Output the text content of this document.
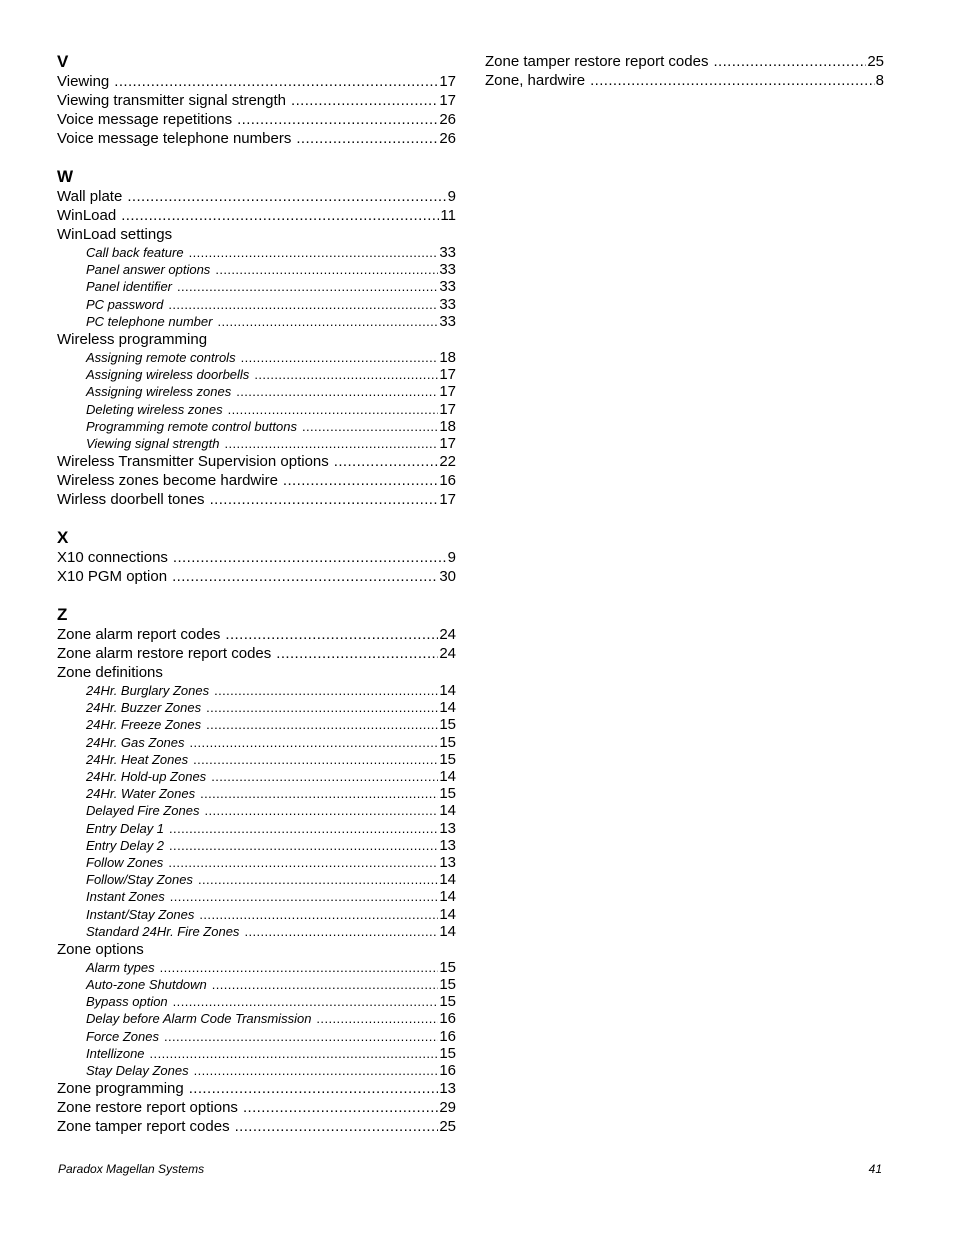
V
Viewing .....	17
Viewing transmitter signal strength .....	17
Voice message repetitions .....	26
Voice message telephone numbers .....	26
W
Wall plate .....	9
WinLoad .....	11
WinLoad settings
Call back feature .....	33
Panel answer options .....	33
Panel identifier .....	33
PC password .....	33
PC telephone number .....	33
Wireless programming
Assigning remote controls .....	18
Assigning wireless doorbells .....	17
Assigning wireless zones .....	17
Deleting wireless zones .....	17
Programming remote control buttons .....	18
Viewing signal strength .....	17
Wireless Transmitter Supervision options .....	22
Wireless zones become hardwire .....	16
Wirless doorbell tones .....	17
X
X10 connections .....	9
X10 PGM option .....	30
Z
Zone alarm report codes .....	24
Zone alarm restore report codes .....	24
Zone definitions
24Hr. Burglary Zones .....	14
24Hr. Buzzer Zones .....	14
24Hr. Freeze Zones .....	15
24Hr. Gas Zones .....	15
24Hr. Heat Zones .....	15
24Hr. Hold-up Zones .....	14
24Hr. Water Zones .....	15
Delayed Fire Zones .....	14
Entry Delay 1 .....	13
Entry Delay 2 .....	13
Follow Zones .....	13
Follow/Stay Zones .....	14
Instant Zones .....	14
Instant/Stay Zones .....	14
Standard 24Hr. Fire Zones .....	14
Zone options
Alarm types .....	15
Auto-zone Shutdown .....	15
Bypass option .....	15
Delay before Alarm Code Transmission .....	16
Force Zones .....	16
Intellizone .....	15
Stay Delay Zones .....	16
Zone programming .....	13
Zone restore report options .....	29
Zone tamper report codes .....	25
Zone tamper restore report codes .....	25
Zone, hardwire .....	8
Paradox Magellan Systems	41
